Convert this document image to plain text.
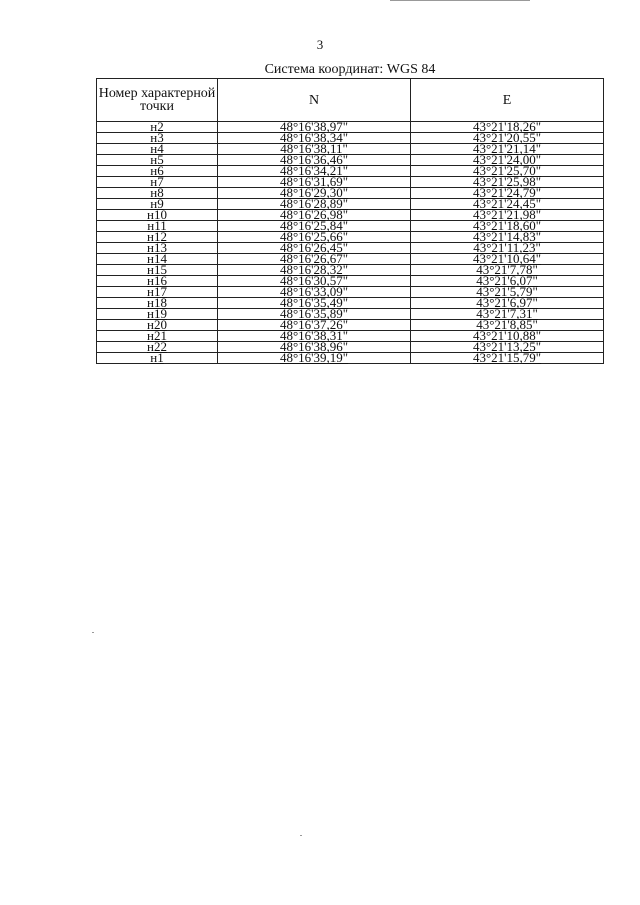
3
Система координат: WGS 84
Номер характерной точки	N	E
н2	48°16'38,97"	43°21'18,26"
н3	48°16'38,34"	43°21'20,55"
н4	48°16'38,11"	43°21'21,14"
н5	48°16'36,46"	43°21'24,00"
н6	48°16'34,21"	43°21'25,70"
н7	48°16'31,69"	43°21'25,98"
н8	48°16'29,30"	43°21'24,79"
н9	48°16'28,89"	43°21'24,45"
н10	48°16'26,98"	43°21'21,98"
н11	48°16'25,84"	43°21'18,60"
н12	48°16'25,66"	43°21'14,83"
н13	48°16'26,45"	43°21'11,23"
н14	48°16'26,67"	43°21'10,64"
н15	48°16'28,32"	43°21'7,78"
н16	48°16'30,57"	43°21'6,07"
н17	48°16'33,09"	43°21'5,79"
н18	48°16'35,49"	43°21'6,97"
н19	48°16'35,89"	43°21'7,31"
н20	48°16'37,26"	43°21'8,85"
н21	48°16'38,31"	43°21'10,88"
н22	48°16'38,96"	43°21'13,25"
н1	48°16'39,19"	43°21'15,79"
